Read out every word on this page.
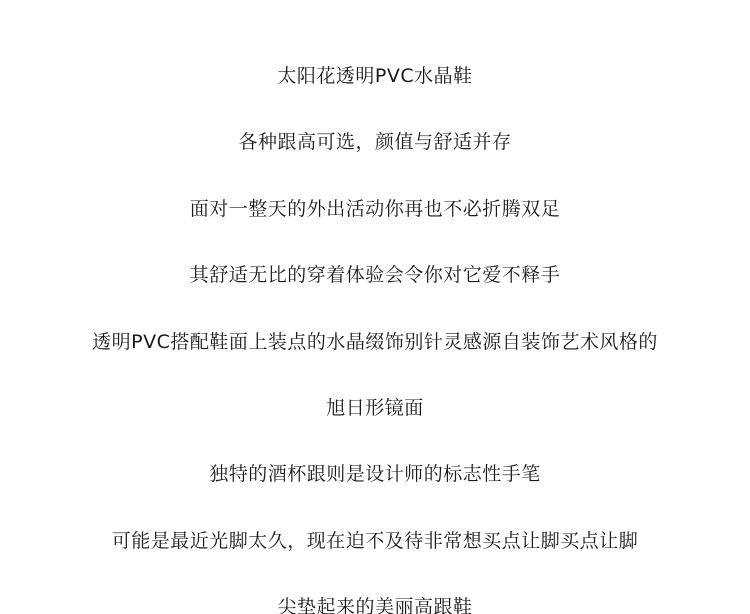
太阳花透明PVC水晶鞋
各种跟高可选，颜值与舒适并存
面对一整天的外出活动你再也不必折腾双足
其舒适无比的穿着体验会令你对它爱不释手
透明PVC搭配鞋面上装点的水晶缀饰别针灵感源自装饰艺术风格的
旭日形镜面
独特的酒杯跟则是设计师的标志性手笔
可能是最近光脚太久，现在迫不及待非常想买点让脚买点让脚
尖垫起来的美丽高跟鞋
